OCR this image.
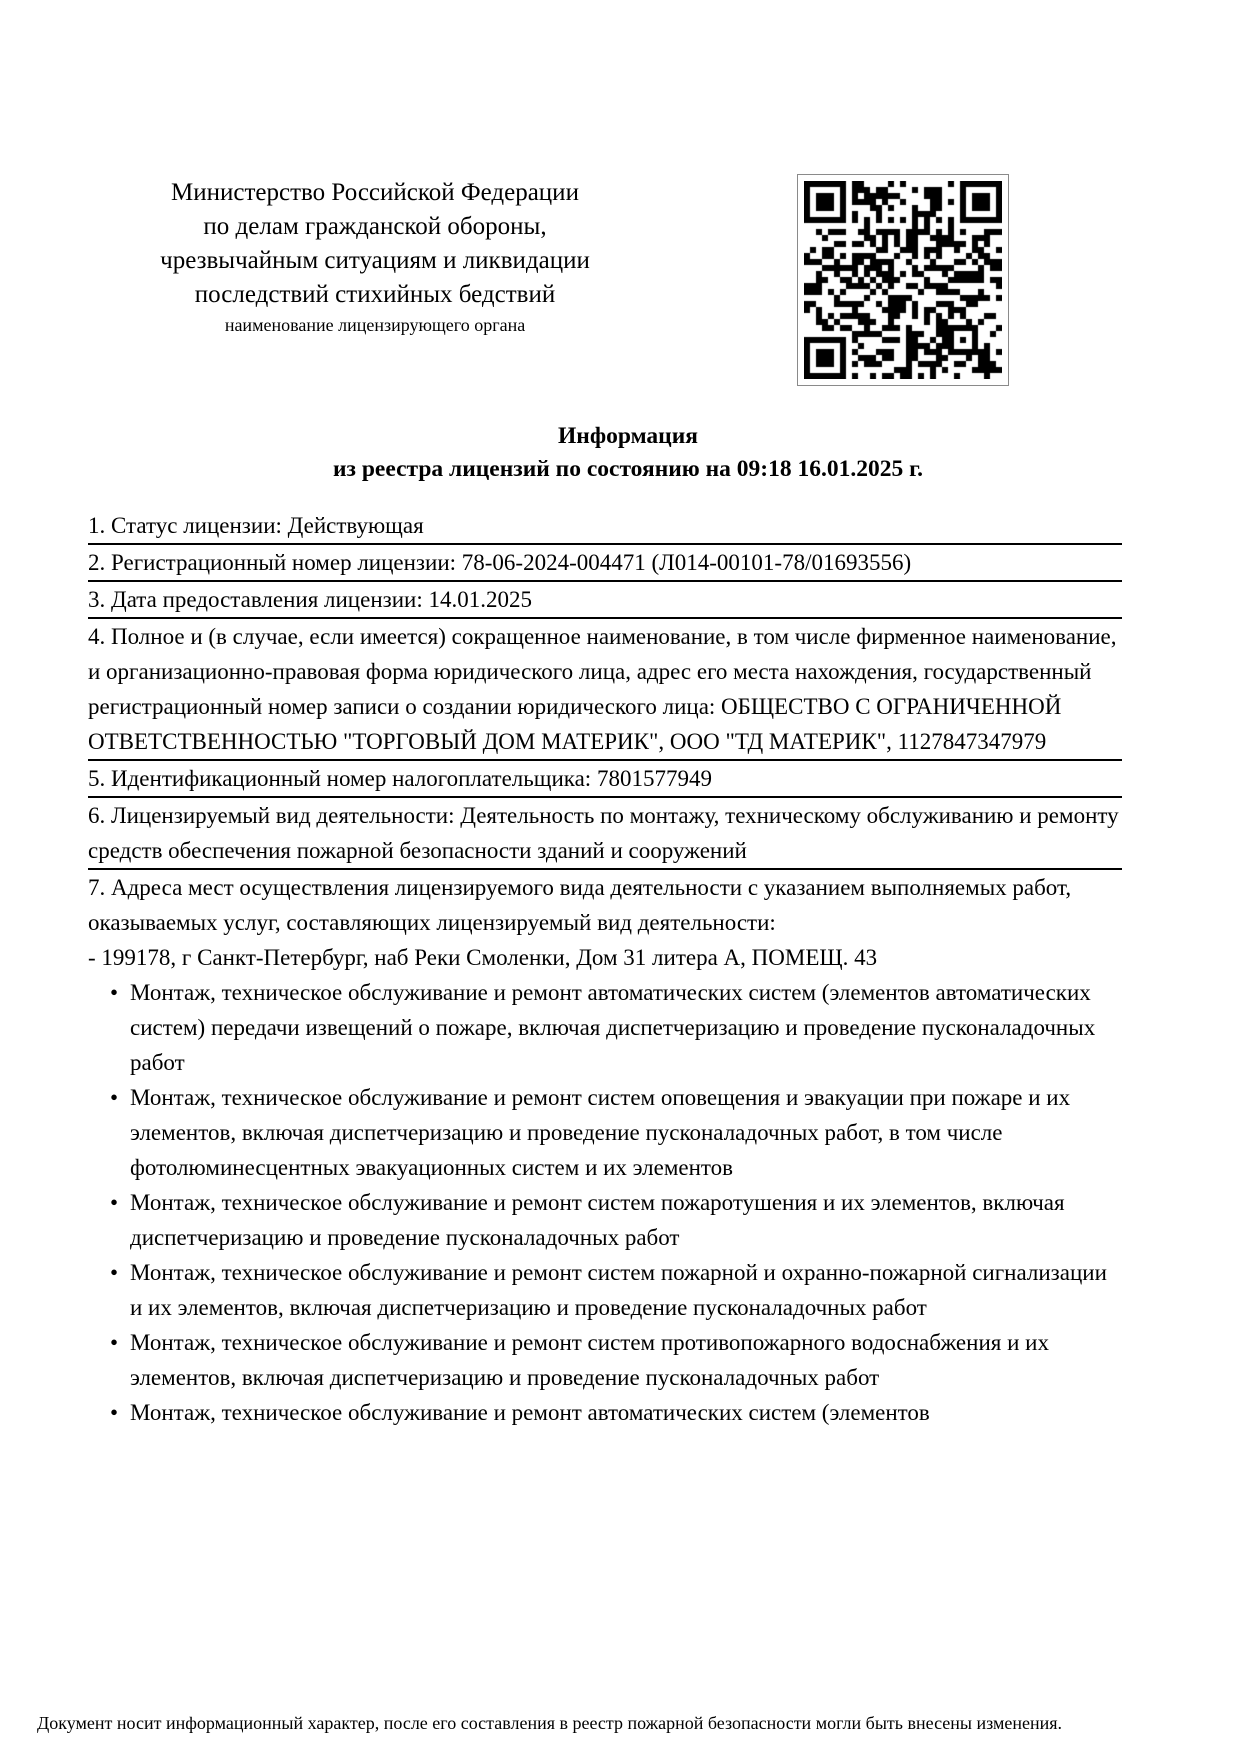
Министерство Российской Федерации
по делам гражданской обороны,
чрезвычайным ситуациям и ликвидации
последствий стихийных бедствий
наименование лицензирующего органа
Информация
из реестра лицензий по состоянию на 09:18 16.01.2025 г.

1. Статус лицензии: Действующая

2. Регистрационный номер лицензии: 78-06-2024-004471 (Л014-00101-78/01693556)

3. Дата предоставления лицензии: 14.01.2025

4. Полное и (в случае, если имеется) сокращенное наименование, в том числе фирменное наименование, и организационно-правовая форма юридического лица, адрес его места нахождения, государственный регистрационный номер записи о создании юридического лица: ОБЩЕСТВО С ОГРАНИЧЕННОЙ ОТВЕТСТВЕННОСТЬЮ "ТОРГОВЫЙ ДОМ МАТЕРИК", ООО "ТД МАТЕРИК", 1127847347979

5. Идентификационный номер налогоплательщика: 7801577949

6. Лицензируемый вид деятельности: Деятельность по монтажу, техническому обслуживанию и ремонту средств обеспечения пожарной безопасности зданий и сооружений

7. Адреса мест осуществления лицензируемого вида деятельности с указанием выполняемых работ, оказываемых услуг, составляющих лицензируемый вид деятельности:

- 199178, г Санкт-Петербург, наб Реки Смоленки, Дом 31 литера А, ПОМЕЩ. 43

• Монтаж, техническое обслуживание и ремонт автоматических систем (элементов автоматических систем) передачи извещений о пожаре, включая диспетчеризацию и проведение пусконаладочных работ
• Монтаж, техническое обслуживание и ремонт систем оповещения и эвакуации при пожаре и их элементов, включая диспетчеризацию и проведение пусконаладочных работ, в том числе фотолюминесцентных эвакуационных систем и их элементов
• Монтаж, техническое обслуживание и ремонт систем пожаротушения и их элементов, включая диспетчеризацию и проведение пусконаладочных работ
• Монтаж, техническое обслуживание и ремонт систем пожарной и охранно-пожарной сигнализации и их элементов, включая диспетчеризацию и проведение пусконаладочных работ
• Монтаж, техническое обслуживание и ремонт систем противопожарного водоснабжения и их элементов, включая диспетчеризацию и проведение пусконаладочных работ
• Монтаж, техническое обслуживание и ремонт автоматических систем (элементов
Документ носит информационный характер, после его составления в реестр пожарной безопасности могли быть внесены изменения.
